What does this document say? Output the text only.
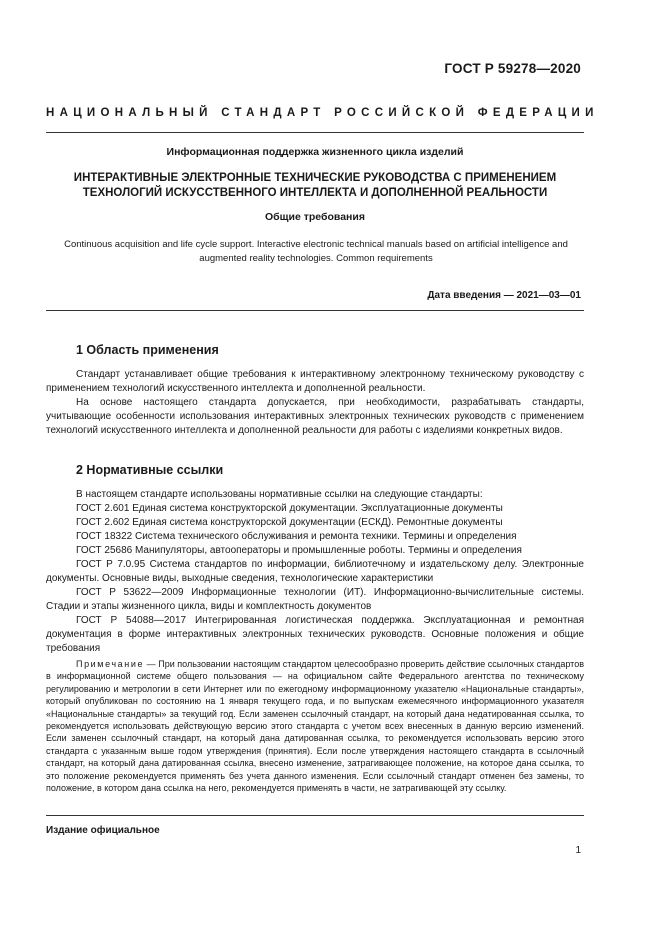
ГОСТ Р 59278—2020
НАЦИОНАЛЬНЫЙ СТАНДАРТ РОССИЙСКОЙ ФЕДЕРАЦИИ
Информационная поддержка жизненного цикла изделий
ИНТЕРАКТИВНЫЕ ЭЛЕКТРОННЫЕ ТЕХНИЧЕСКИЕ РУКОВОДСТВА С ПРИМЕНЕНИЕМ
ТЕХНОЛОГИЙ ИСКУССТВЕННОГО ИНТЕЛЛЕКТА И ДОПОЛНЕННОЙ РЕАЛЬНОСТИ
Общие требования
Continuous acquisition and life cycle support. Interactive electronic technical manuals based on artificial intelligence and
augmented reality technologies. Common requirements
Дата введения — 2021—03—01
1 Область применения

Стандарт устанавливает общие требования к интерактивному электронному техническому руководству с применением технологий искусственного интеллекта и дополненной реальности.

На основе настоящего стандарта допускается, при необходимости, разрабатывать стандарты, учитывающие особенности использования интерактивных электронных технических руководств с применением технологий искусственного интеллекта и дополненной реальности для работы с изделиями конкретных видов.

2 Нормативные ссылки

В настоящем стандарте использованы нормативные ссылки на следующие стандарты:

ГОСТ 2.601 Единая система конструкторской документации. Эксплуатационные документы

ГОСТ 2.602 Единая система конструкторской документации (ЕСКД). Ремонтные документы

ГОСТ 18322 Система технического обслуживания и ремонта техники. Термины и определения

ГОСТ 25686 Манипуляторы, автооператоры и промышленные роботы. Термины и определения

ГОСТ Р 7.0.95 Система стандартов по информации, библиотечному и издательскому делу. Электронные документы. Основные виды, выходные сведения, технологические характеристики

ГОСТ Р 53622—2009 Информационные технологии (ИТ). Информационно-вычислительные системы. Стадии и этапы жизненного цикла, виды и комплектность документов

ГОСТ Р 54088—2017 Интегрированная логистическая поддержка. Эксплуатационная и ремонтная документация в форме интерактивных электронных технических руководств. Основные положения и общие требования

Примечание — При пользовании настоящим стандартом целесообразно проверить действие ссылочных стандартов в информационной системе общего пользования — на официальном сайте Федерального агентства по техническому регулированию и метрологии в сети Интернет или по ежегодному информационному указателю «Национальные стандарты», который опубликован по состоянию на 1 января текущего года, и по выпускам ежемесячного информационного указателя «Национальные стандарты» за текущий год. Если заменен ссылочный стандарт, на который дана недатированная ссылка, то рекомендуется использовать действующую версию этого стандарта с учетом всех внесенных в данную версию изменений. Если заменен ссылочный стандарт, на который дана датированная ссылка, то рекомендуется использовать версию этого стандарта с указанным выше годом утверждения (принятия). Если после утверждения настоящего стандарта в ссылочный стандарт, на который дана датированная ссылка, внесено изменение, затрагивающее положение, на которое дана ссылка, то это положение рекомендуется применять без учета данного изменения. Если ссылочный стандарт отменен без замены, то положение, в котором дана ссылка на него, рекомендуется применять в части, не затрагивающей эту ссылку.

Издание официальное
1
